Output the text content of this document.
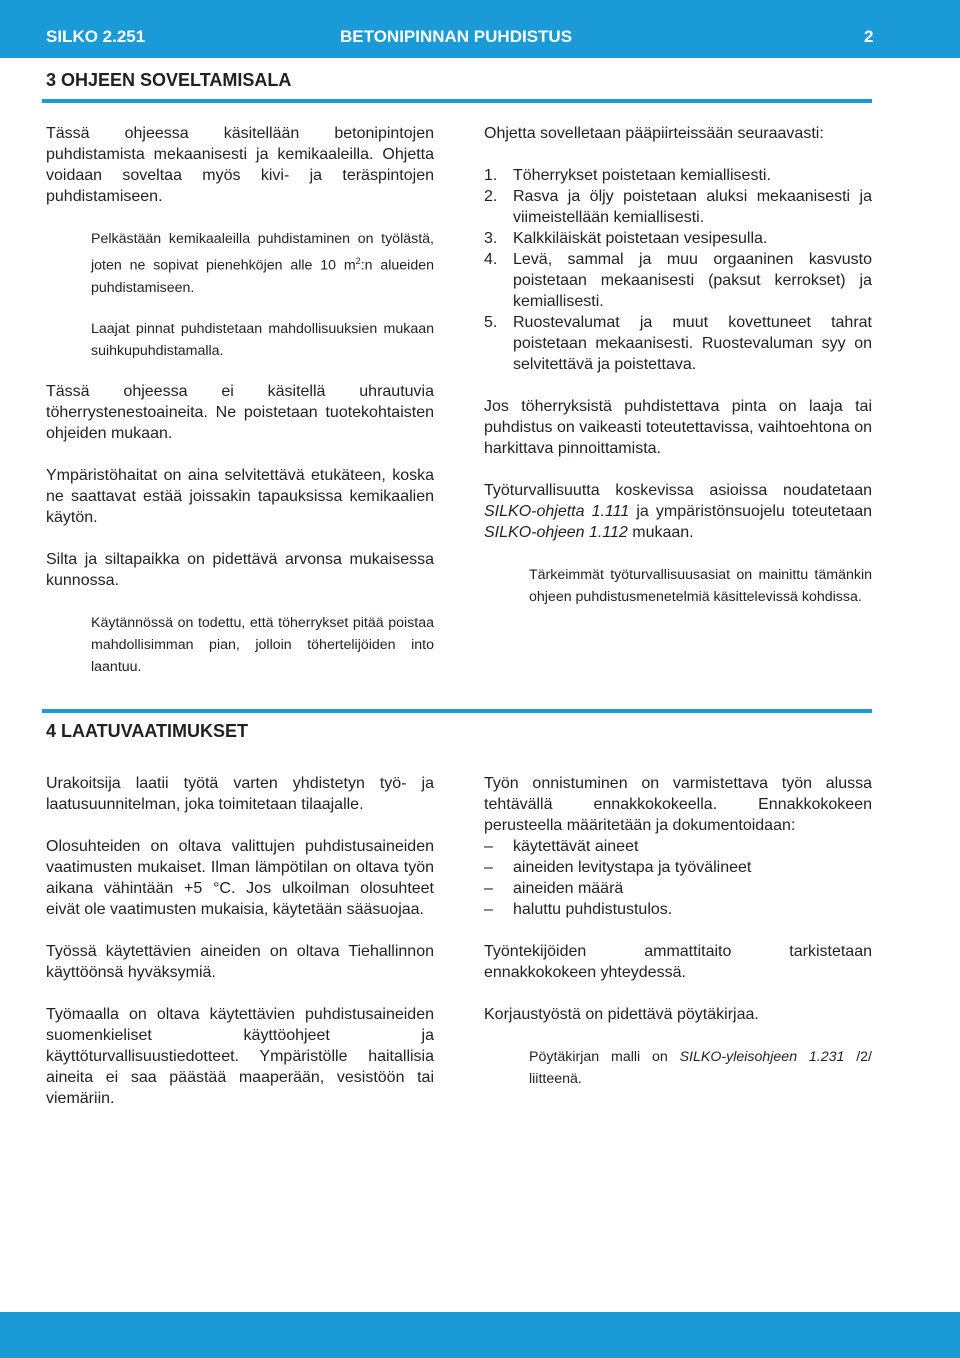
SILKO 2.251	BETONIPINNAN PUHDISTUS	2
3 OHJEEN SOVELTAMISALA

Tässä ohjeessa käsitellään betonipintojen puhdistamista mekaanisesti ja kemikaaleilla. Ohjetta voidaan soveltaa myös kivi- ja teräspintojen puhdistamiseen.

Pelkästään kemikaaleilla puhdistaminen on työlästä, joten ne sopivat pienehköjen alle 10 $m^2:n$ alueiden puhdistamiseen.

Laajat pinnat puhdistetaan mahdollisuuksien mukaan suihkupuhdistamalla.

Tässä ohjeessa ei käsitellä uhrautuvia töherrystenestoaineita. Ne poistetaan tuotekohtaisten ohjeiden mukaan.

Ympäristöhaitat on aina selvitettävä etukäteen, koska ne saattavat estää joissakin tapauksissa kemikaalien käytön.

Silta ja siltapaikka on pidettävä arvonsa mukaisessa kunnossa.

Käytännössä on todettu, että töherrykset pitää poistaa mahdollisimman pian, jolloin töhertelijöiden into laantuu.

Ohjetta sovelletaan pääpiirteissään seuraavasti:

1. Töherrykset poistetaan kemiallisesti.
2. Rasva ja öljy poistetaan aluksi mekaanisesti ja viimeistellään kemiallisesti.
3. Kalkkiläiskät poistetaan vesipesulla.
4. Levä, sammal ja muu orgaaninen kasvusto poistetaan mekaanisesti (paksut kerrokset) ja kemiallisesti.
5. Ruostevalumat ja muut kovettuneet tahrat poistetaan mekaanisesti. Ruostevaluman syy on selvitettävä ja poistettava.

Jos töherryksistä puhdistettava pinta on laaja tai puhdistus on vaikeasti toteutettavissa, vaihtoehtona on harkittava pinnoittamista.

Työturvallisuutta koskevissa asioissa noudatetaan SILKO-ohjetta 1.111 ja ympäristönsuojelu toteutetaan SILKO-ohjeen 1.112 mukaan.

Tärkeimmät työturvallisuusasiat on mainittu tämänkin ohjeen puhdistusmenetelmiä käsittelevissä kohdissa.

4 LAATUVAATIMUKSET

Urakoitsija laatii työtä varten yhdistetyn työ- ja laatusuunnitelman, joka toimitetaan tilaajalle.

Olosuhteiden on oltava valittujen puhdistusaineiden vaatimusten mukaiset. Ilman lämpötilan on oltava työn aikana vähintään +5 °C. Jos ulkoilman olosuhteet eivät ole vaatimusten mukaisia, käytetään sääsuojaa.

Työssä käytettävien aineiden on oltava Tiehallinnon käyttöönsä hyväksymiä.

Työmaalla on oltava käytettävien puhdistusaineiden suomenkieliset käyttöohjeet ja käyttöturvallisuustiedotteet. Ympäristölle haitallisia aineita ei saa päästää maaperään, vesistöön tai viemäriin.

Työn onnistuminen on varmistettava työn alussa tehtävällä ennakkokokeella. Ennakkokokeen perusteella määritetään ja dokumentoidaan:

– käytettävät aineet
– aineiden levitystapa ja työvälineet
– aineiden määrä
– haluttu puhdistustulos.

Työntekijöiden ammattitaito tarkistetaan ennakkokokeen yhteydessä.

Korjaustyöstä on pidettävä pöytäkirjaa.

Pöytäkirjan malli on SILKO-yleisohjeen 1.231 /2/ liitteenä.
